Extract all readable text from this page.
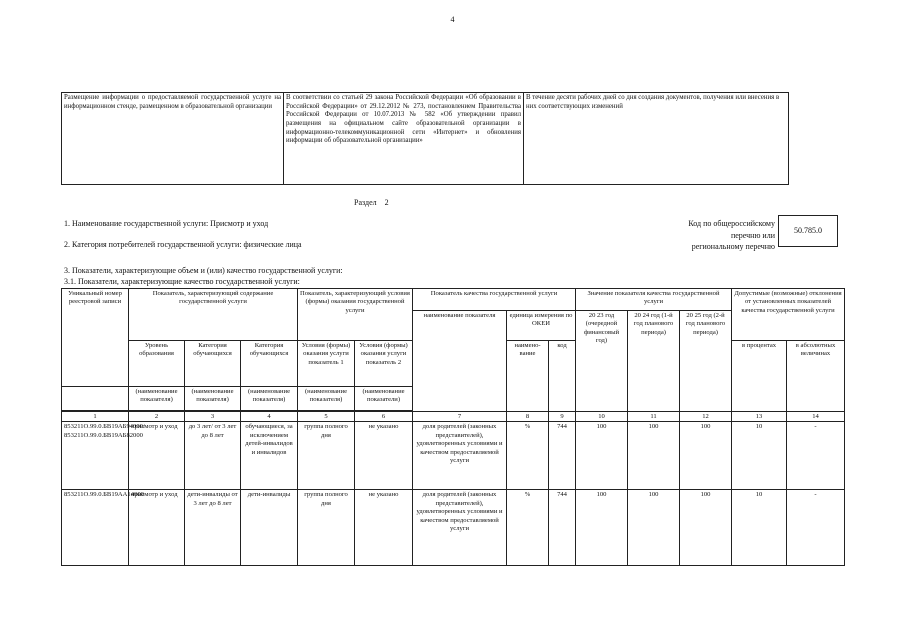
4
Размещение информации о предоставляемой государственной услуге на информационном стенде, размещенном в образовательной организации	В соответствии со статьей 29 закона Российской Федерации «Об образовании в Российской Федерации» от 29.12.2012 № 273, постановлением Правительства Российской Федерации от 10.07.2013 № 582 «Об утверждении правил размещения на официальном сайте образовательной организации в информационно-телекоммуникационной сети «Интернет» и обновления информации об образовательной организации»	В течение десяти рабочих дней со дня создания документов, получения или внесения в них соответствующих изменений
Раздел 2
1. Наименование государственной услуги: Присмотр и уход
2. Категория потребителей государственной услуги: физические лица
Код по общероссийскому
перечню или
региональному перечню
50.785.0
3. Показатели, характеризующие объем и (или) качество государственной услуги:
3.1. Показатели, характеризующие качество государственной услуги:
Уникальный номер реестровой записи	Показатель, характеризующий содержание государственной услуги			Показатель, характеризующий условия (формы) оказания государственной услуги		Показатель качества государственной услуги			Значение показателя качества государственной услуги			Допустимые (возможные) отклонения от установленных показателей качества государственной услуги	
						наименование показателя	единица измерения по ОКЕИ		20 23 год (очередной финансовый год)	20 24 год (1-й год планового периода)	20 25 год (2-й год планового периода)		
	Уровень образования	Категория обучающихся	Категория обучающихся	Условия (формы) оказания услуги показатель 1	Условия (формы) оказания услуги показатель 2		наимено-вание	код				в процентах	в абсолютных величинах
	(наименование показателя)	(наименование показателя)	(наименование показателя)	(наименование показателя)	(наименование показатели)								

1	2	3	4	5	6	7	8	9	10	11	12	13	14
853211О.99.0.БВ19АБ94000/ 853211О.99.0.БВ19АБ82000	присмотр и уход	до 3 лет/ от 3 лет до 8 лет	обучающиеся, за исключением детей-инвалидов и инвалидов	группа полного дня	не указано	доля родителей (законных представителей), удовлетворенных условиями и качеством предоставляемой услуги	%	744	100	100	100	10	-
853211О.99.0.БВ19АА14000	присмотр и уход	дети-инвалиды от 3 лет до 8 лет	дети-инвалиды	группа полного дня	не указано	доля родителей (законных представителей), удовлетворенных условиями и качеством предоставляемой услуги	%	744	100	100	100	10	-
